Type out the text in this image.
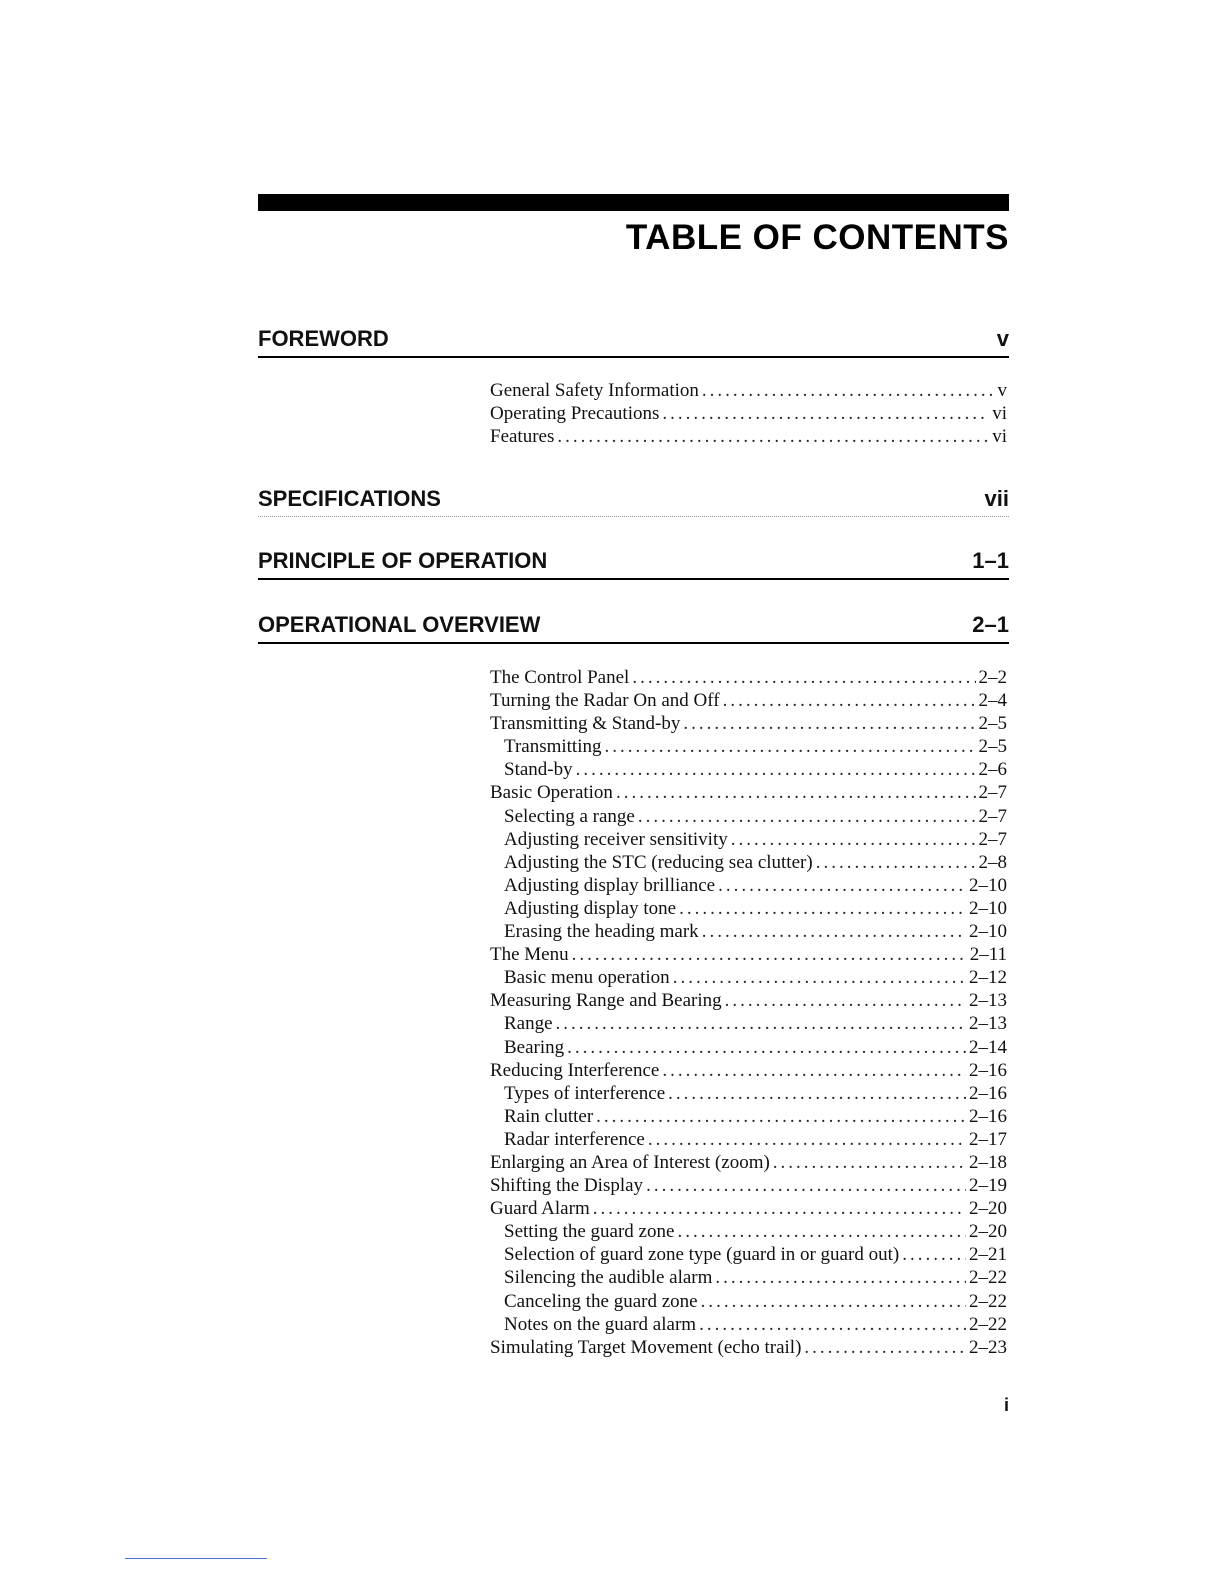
TABLE OF CONTENTS
FOREWORD	v
General Safety Information .....	v
Operating Precautions .....	vi
Features .....	vi
SPECIFICATIONS	vii
PRINCIPLE OF OPERATION	1–1
OPERATIONAL OVERVIEW	2–1
The Control Panel .....	2–2
Turning the Radar On and Off .....	2–4
Transmitting & Stand-by .....	2–5
Transmitting .....	2–5
Stand-by .....	2–6
Basic Operation .....	2–7
Selecting a range .....	2–7
Adjusting receiver sensitivity .....	2–7
Adjusting the STC (reducing sea clutter) .....	2–8
Adjusting display brilliance .....	2–10
Adjusting display tone .....	2–10
Erasing the heading mark .....	2–10
The Menu .....	2–11
Basic menu operation .....	2–12
Measuring Range and Bearing .....	2–13
Range .....	2–13
Bearing .....	2–14
Reducing Interference .....	2–16
Types of interference .....	2–16
Rain clutter .....	2–16
Radar interference .....	2–17
Enlarging an Area of Interest (zoom) .....	2–18
Shifting the Display .....	2–19
Guard Alarm .....	2–20
Setting the guard zone .....	2–20
Selection of guard zone type (guard in or guard out) .....	2–21
Silencing the audible alarm .....	2–22
Canceling the guard zone .....	2–22
Notes on the guard alarm .....	2–22
Simulating Target Movement (echo trail) .....	2–23
i
